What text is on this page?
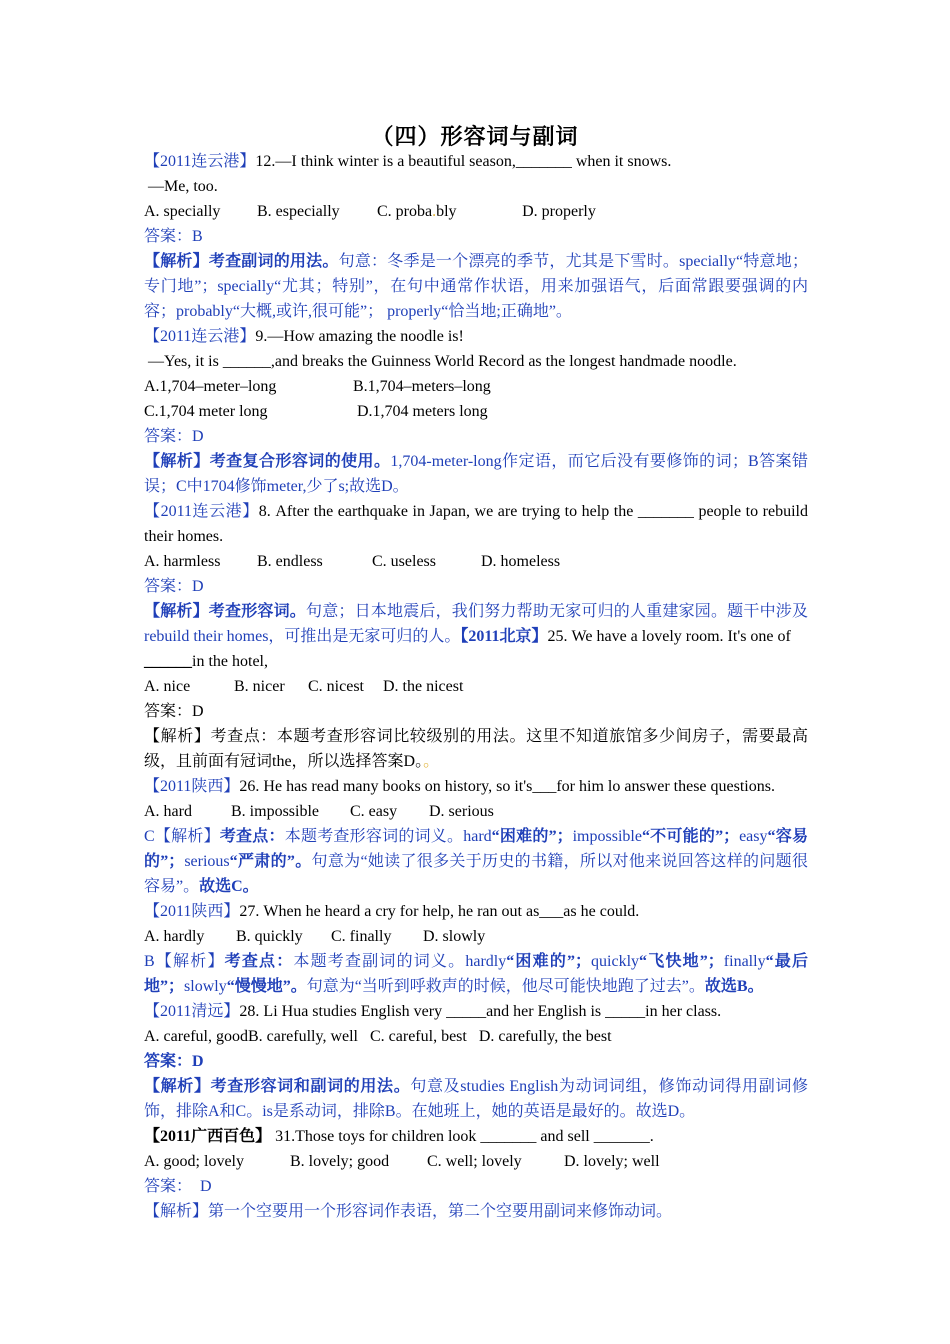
（四）形容词与副词
【2011连云港】12.—I think winter is a beautiful season,_______ when it snows.
—Me, too.
A. specially	B. especially	C. proba . bly	D. properly
答案：B
【解析】考查副词的用法。句意：冬季是一个漂亮的季节，尤其是下雪时。specially“特意地；专门地”；specially“尤其；特别”，在句中通常作状语，用来加强语气，后面常跟要强调的内容；probably“大概,或许,很可能”； properly“恰当地;正确地”。
【2011连云港】9.—How amazing the noodle is!
—Yes, it is ______,and breaks the Guinness World Record as the longest handmade noodle.
A.1,704–meter–long	B.1,704–meters–long
C.1,704 meter long	D.1,704 meters long
答案：D
【解析】考查复合形容词的使用。1,704-meter-long作定语，而它后没有要修饰的词；B答案错误；C中1704修饰meter,少了s;故选D。
【2011连云港】8. After the earthquake in Japan, we are trying to help the _______ people to rebuild their homes.
A. harmless	B. endless	C. useless	D. homeless
答案：D
【解析】考查形容词。句意；日本地震后，我们努力帮助无家可归的人重建家园。题干中涉及rebuild their homes，可推出是无家可归的人。【2011北京】25. We have a lovely room. It's one of
______in the hotel,
A. nice	B. nicer	C. nicest	D. the nicest
答案：D
【解析】考查点：本题考查形容词比较级别的用法。这里不知道旅馆多少间房子，需要最高级，且前面有冠词the，所以选择答案D。。
【2011陕西】26. He has read many books on history, so it's___for him lo answer these questions.
A. hard	B. impossible	C. easy	D. serious
C【解析】考查点：本题考查形容词的词义。hard“困难的”；impossible“不可能的”；easy“容易的”；serious“严肃的”。句意为“她读了很多关于历史的书籍，所以对他来说回答这样的问题很容易”。故选C。
【2011陕西】27. When he heard a cry for help, he ran out as___as he could.
A. hardly	B. quickly	C. finally	D. slowly
B【解析】考查点：本题考查副词的词义。hardly“困难的”；quickly“飞快地”；finally“最后地”；slowly“慢慢地”。句意为“当听到呼救声的时候，他尽可能快地跑了过去”。故选B。
【2011清远】28. Li Hua studies English very _____and her English is _____in her class.
A. careful, good B. carefully, well C. careful, best D. carefully, the best
答案：D
【解析】考查形容词和副词的用法。句意及studies English为动词词组，修饰动词得用副词修饰，排除A和C。is是系动词，排除B。在她班上，她的英语是最好的。故选D。
【2011广西百色】 31.Those toys for children look _______ and sell _______.
A. good; lovely	B. lovely; good	C. well; lovely	D. lovely; well
答案：  D
【解析】第一个空要用一个形容词作表语，第二个空要用副词来修饰动词。
